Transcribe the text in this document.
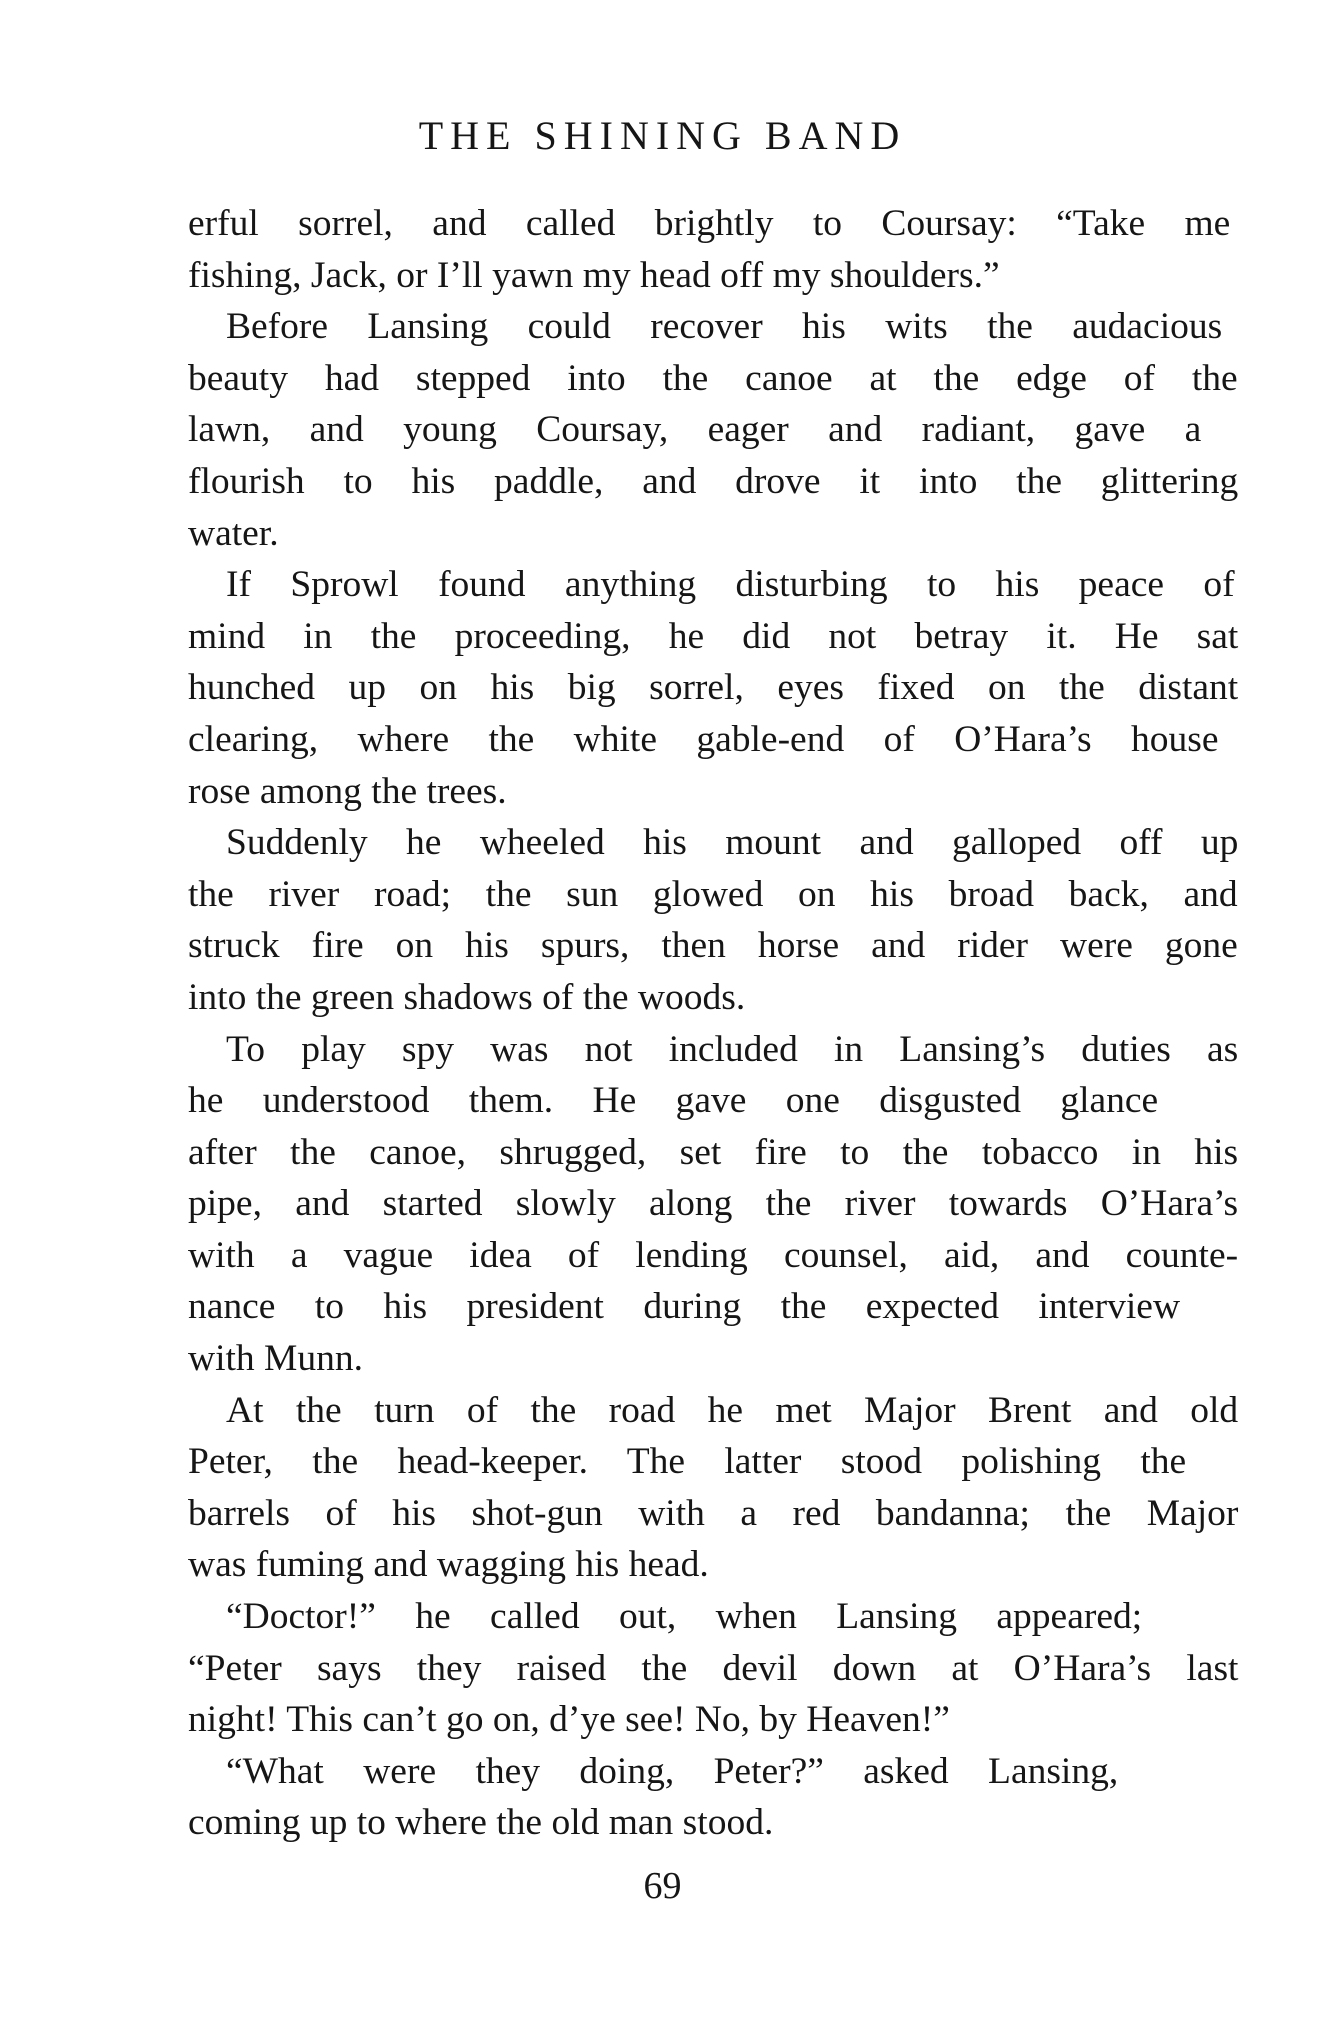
THE SHINING BAND
erful sorrel, and called brightly to Coursay: “Take me
fishing, Jack, or I’ll yawn my head off my shoulders.”
Before Lansing could recover his wits the audacious
beauty had stepped into the canoe at the edge of the
lawn, and young Coursay, eager and radiant, gave a
flourish to his paddle, and drove it into the glittering
water.
If Sprowl found anything disturbing to his peace of
mind in the proceeding, he did not betray it. He sat
hunched up on his big sorrel, eyes fixed on the distant
clearing, where the white gable-end of O’Hara’s house
rose among the trees.
Suddenly he wheeled his mount and galloped off up
the river road; the sun glowed on his broad back, and
struck fire on his spurs, then horse and rider were gone
into the green shadows of the woods.
To play spy was not included in Lansing’s duties as
he understood them. He gave one disgusted glance
after the canoe, shrugged, set fire to the tobacco in his
pipe, and started slowly along the river towards O’Hara’s
with a vague idea of lending counsel, aid, and counte-
nance to his president during the expected interview
with Munn.
At the turn of the road he met Major Brent and old
Peter, the head-keeper. The latter stood polishing the
barrels of his shot-gun with a red bandanna; the Major
was fuming and wagging his head.
“Doctor!” he called out, when Lansing appeared;
“Peter says they raised the devil down at O’Hara’s last
night! This can’t go on, d’ye see! No, by Heaven!”
“What were they doing, Peter?” asked Lansing,
coming up to where the old man stood.
69
